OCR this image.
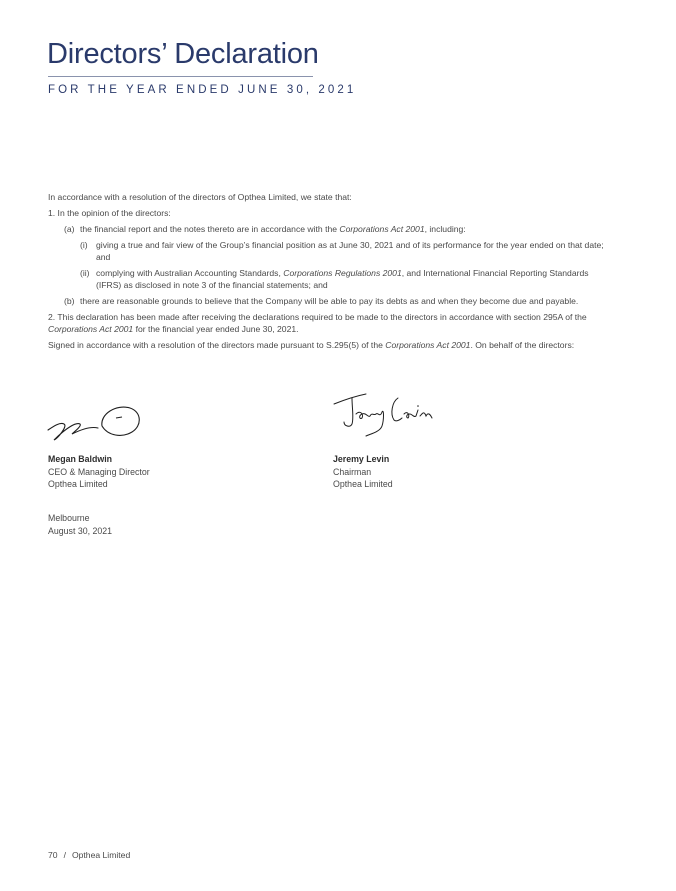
Directors’ Declaration
FOR THE YEAR ENDED JUNE 30, 2021

In accordance with a resolution of the directors of Opthea Limited, we state that:

1. In the opinion of the directors:

(a) the financial report and the notes thereto are in accordance with the Corporations Act 2001, including:
(i) giving a true and fair view of the Group’s financial position as at June 30, 2021 and of its performance for the year ended on that date; and
(ii) complying with Australian Accounting Standards, Corporations Regulations 2001, and International Financial Reporting Standards (IFRS) as disclosed in note 3 of the financial statements; and
(b) there are reasonable grounds to believe that the Company will be able to pay its debts as and when they become due and payable.

2. This declaration has been made after receiving the declarations required to be made to the directors in accordance with section 295A of the Corporations Act 2001 for the financial year ended June 30, 2021.

Signed in accordance with a resolution of the directors made pursuant to S.295(5) of the Corporations Act 2001. On behalf of the directors:

Megan Baldwin
CEO & Managing Director
Opthea Limited
Jeremy Levin
Chairman
Opthea Limited
Melbourne
August 30, 2021
70 / Opthea Limited
